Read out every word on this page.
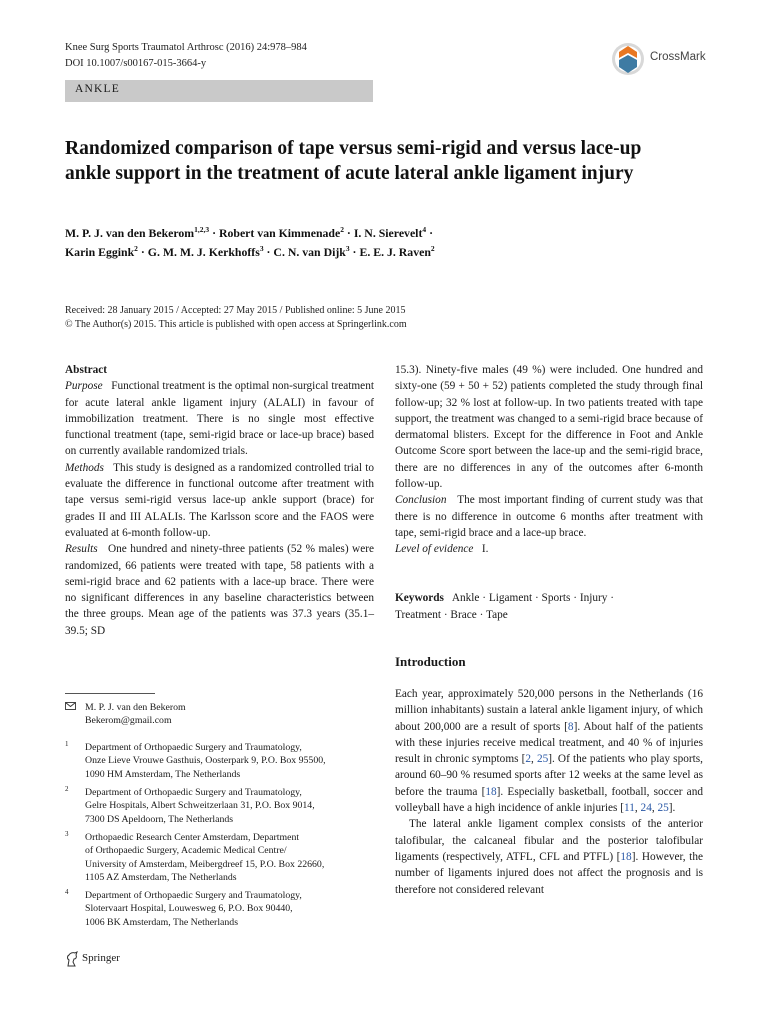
Knee Surg Sports Traumatol Arthrosc (2016) 24:978–984
DOI 10.1007/s00167-015-3664-y
CrossMark
ANKLE
Randomized comparison of tape versus semi-rigid and versus lace-up ankle support in the treatment of acute lateral ankle ligament injury
M. P. J. van den Bekerom$^{1,2,3}$ · Robert van Kimmenade$^2$ · I. N. Sierevelt$^4$ ·
Karin Eggink$^2$ · G. M. M. J. Kerkhoffs$^3$ · C. N. van Dijk$^3$ · E. E. J. Raven$^2$
Received: 28 January 2015 / Accepted: 27 May 2015 / Published online: 5 June 2015
© The Author(s) 2015. This article is published with open access at Springerlink.com

Abstract

Purpose Functional treatment is the optimal non-surgical treatment for acute lateral ankle ligament injury (ALALI) in favour of immobilization treatment. There is no single most effective functional treatment (tape, semi-rigid brace or lace-up brace) based on currently available randomized trials.

Methods This study is designed as a randomized controlled trial to evaluate the difference in functional outcome after treatment with tape versus semi-rigid versus lace-up ankle support (brace) for grades II and III ALALIs. The Karlsson score and the FAOS were evaluated at 6-month follow-up.

Results One hundred and ninety-three patients (52 % males) were randomized, 66 patients were treated with tape, 58 patients with a semi-rigid brace and 62 patients with a lace-up brace. There were no significant differences in any baseline characteristics between the three groups. Mean age of the patients was 37.3 years (35.1–39.5; SD

15.3). Ninety-five males (49 %) were included. One hundred and sixty-one (59 + 50 + 52) patients completed the study through final follow-up; 32 % lost at follow-up. In two patients treated with tape support, the treatment was changed to a semi-rigid brace because of dermatomal blisters. Except for the difference in Foot and Ankle Outcome Score sport between the lace-up and the semi-rigid brace, there are no differences in any of the outcomes after 6-month follow-up.

Conclusion The most important finding of current study was that there is no difference in outcome 6 months after treatment with tape, semi-rigid brace and a lace-up brace.

Level of evidence I.

Keywords Ankle · Ligament · Sports · Injury ·
Treatment · Brace · Tape
Introduction

Each year, approximately 520,000 persons in the Netherlands (16 million inhabitants) sustain a lateral ankle ligament injury, of which about 200,000 are a result of sports [8]. About half of the patients with these injuries receive medical treatment, and 40 % of injuries result in chronic symptoms [2, 25]. Of the patients who play sports, around 60–90 % resumed sports after 12 weeks at the same level as before the trauma [18]. Especially basketball, football, soccer and volleyball have a high incidence of ankle injuries [11, 24, 25].

The lateral ankle ligament complex consists of the anterior talofibular, the calcaneal fibular and the posterior talofibular ligaments (respectively, ATFL, CFL and PTFL) [18]. However, the number of ligaments injured does not affect the prognosis and is therefore not considered relevant

M. P. J. van den Bekerom
Bekerom@gmail.com
1 Department of Orthopaedic Surgery and Traumatology,
Onze Lieve Vrouwe Gasthuis, Oosterpark 9, P.O. Box 95500,
1090 HM Amsterdam, The Netherlands
2 Department of Orthopaedic Surgery and Traumatology,
Gelre Hospitals, Albert Schweitzerlaan 31, P.O. Box 9014,
7300 DS Apeldoorn, The Netherlands
3 Orthopaedic Research Center Amsterdam, Department
of Orthopaedic Surgery, Academic Medical Centre/
University of Amsterdam, Meibergdreef 15, P.O. Box 22660,
1105 AZ Amsterdam, The Netherlands
4 Department of Orthopaedic Surgery and Traumatology,
Slotervaart Hospital, Louwesweg 6, P.O. Box 90440,
1006 BK Amsterdam, The Netherlands
Springer
